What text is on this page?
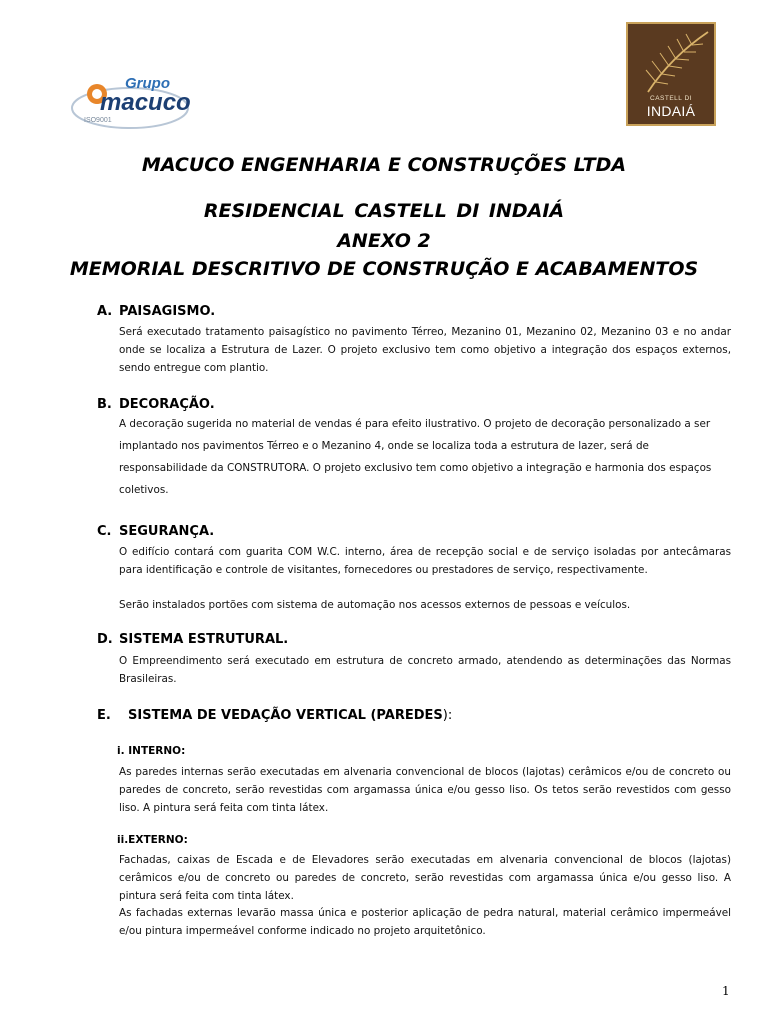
Grupo
macuco
ISO9001
CASTELL DI
INDAIÁ
MACUCO ENGENHARIA E CONSTRUÇÕES LTDA
RESIDENCIAL CASTELL DI INDAIÁ
ANEXO 2
MEMORIAL DESCRITIVO DE CONSTRUÇÃO E ACABAMENTOS
A. PAISAGISMO.
Será executado tratamento paisagístico no pavimento Térreo, Mezanino 01, Mezanino 02, Mezanino 03 e no andar onde se localiza a Estrutura de Lazer. O projeto exclusivo tem como objetivo a integração dos espaços externos, sendo entregue com plantio.
B. DECORAÇÃO.
A decoração sugerida no material de vendas é para efeito ilustrativo. O projeto de decoração personalizado a ser implantado nos pavimentos Térreo e o Mezanino 4, onde se localiza toda a estrutura de lazer, será de responsabilidade da CONSTRUTORA. O projeto exclusivo tem como objetivo a integração e harmonia dos espaços coletivos.
C. SEGURANÇA.
O edifício contará com guarita COM W.C. interno, área de recepção social e de serviço isoladas por antecâmaras para identificação e controle de visitantes, fornecedores ou prestadores de serviço, respectivamente.
Serão instalados portões com sistema de automação nos acessos externos de pessoas e veículos.
D. SISTEMA ESTRUTURAL.
O Empreendimento será executado em estrutura de concreto armado, atendendo as determinações das Normas Brasileiras.
E. SISTEMA DE VEDAÇÃO VERTICAL (PAREDES):
i. INTERNO:
As paredes internas serão executadas em alvenaria convencional de blocos (lajotas) cerâmicos e/ou de concreto ou paredes de concreto, serão revestidas com argamassa única e/ou gesso liso. Os tetos serão revestidos com gesso liso. A pintura será feita com tinta látex.
ii.EXTERNO:
Fachadas, caixas de Escada e de Elevadores serão executadas em alvenaria convencional de blocos (lajotas) cerâmicos e/ou de concreto ou paredes de concreto, serão revestidas com argamassa única e/ou gesso liso. A pintura será feita com tinta látex.
As fachadas externas levarão massa única e posterior aplicação de pedra natural, material cerâmico impermeável e/ou pintura impermeável conforme indicado no projeto arquitetônico.
1
